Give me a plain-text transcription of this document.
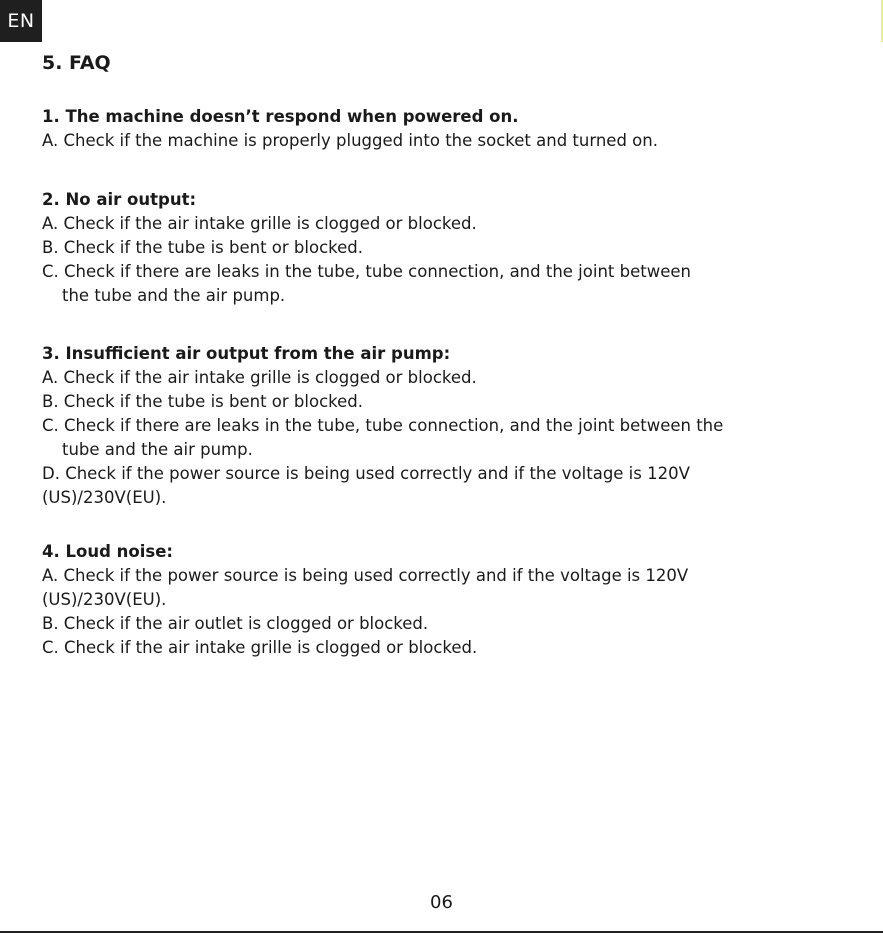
EN
5. FAQ

1. The machine doesn’t respond when powered on.

A. Check if the machine is properly plugged into the socket and turned on.

2. No air output:

A. Check if the air intake grille is clogged or blocked.

B. Check if the tube is bent or blocked.

C. Check if there are leaks in the tube, tube connection, and the joint between

the tube and the air pump.

3. Insufficient air output from the air pump:

A. Check if the air intake grille is clogged or blocked.

B. Check if the tube is bent or blocked.

C. Check if there are leaks in the tube, tube connection, and the joint between the

tube and the air pump.

D. Check if the power source is being used correctly and if the voltage is 120V

(US)/230V(EU).

4. Loud noise:

A. Check if the power source is being used correctly and if the voltage is 120V

(US)/230V(EU).

B. Check if the air outlet is clogged or blocked.

C. Check if the air intake grille is clogged or blocked.

06
